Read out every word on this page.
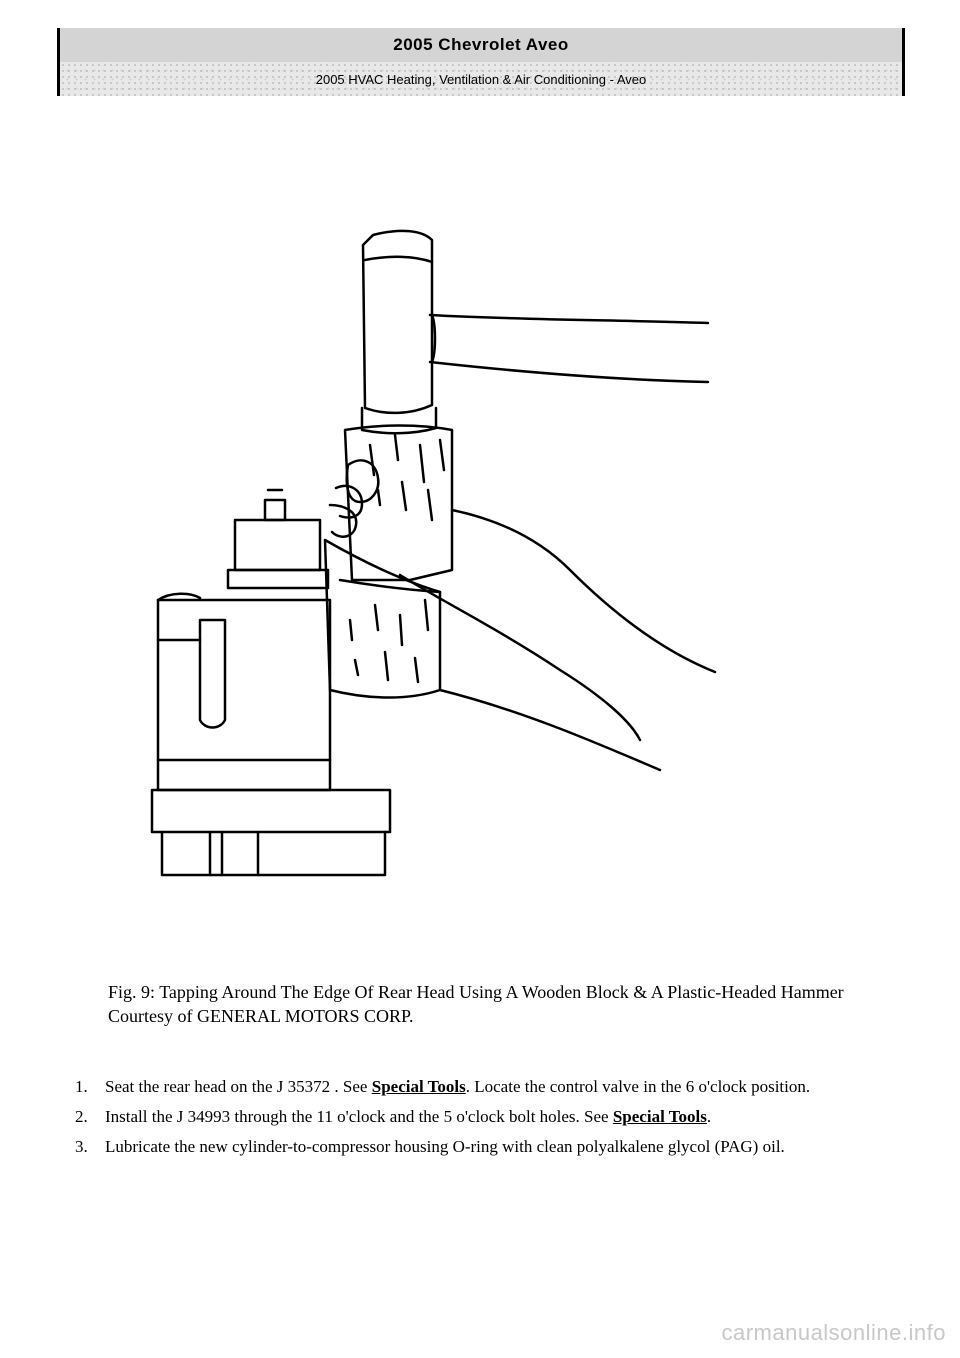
2005 Chevrolet Aveo
2005 HVAC Heating, Ventilation & Air Conditioning - Aveo
Fig. 9: Tapping Around The Edge Of Rear Head Using A Wooden Block & A Plastic-Headed Hammer
Courtesy of GENERAL MOTORS CORP.
1.	Seat the rear head on the J 35372 . See Special Tools. Locate the control valve in the 6 o'clock position.
2.	Install the J 34993 through the 11 o'clock and the 5 o'clock bolt holes. See Special Tools.
3.	Lubricate the new cylinder-to-compressor housing O-ring with clean polyalkalene glycol (PAG) oil.
carmanualsonline.info
